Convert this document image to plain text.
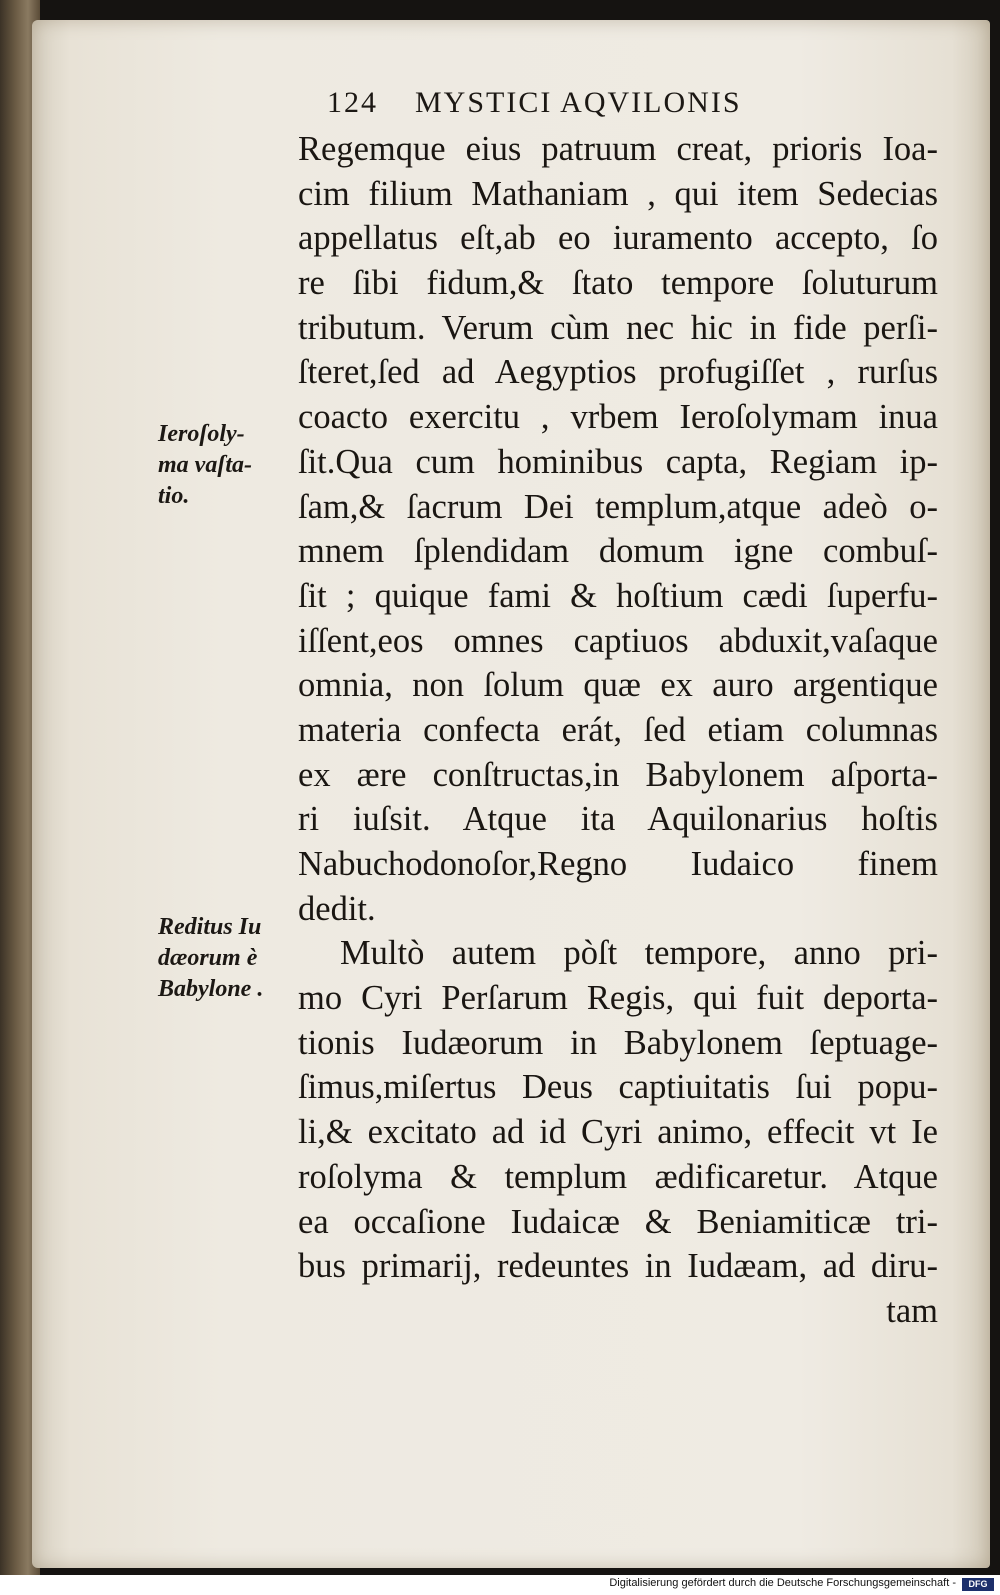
124 MYSTICI AQVILONIS
Regemque eius patruum creat, prioris Ioa-
cim filium Mathaniam , qui item Sedecias
appellatus eſt,ab eo iuramento accepto, ſo
re ſibi fidum,& ſtato tempore ſoluturum
tributum. Verum cùm nec hic in fide perſi-
ſteret,ſed ad Aegyptios profugiſſet , rurſus
coacto exercitu , vrbem Ieroſolymam inua
ſit.Qua cum hominibus capta, Regiam ip-
ſam,& ſacrum Dei templum,atque adeò o-
mnem ſplendidam domum igne combuſ-
ſit ; quique fami & hoſtium cædi ſuperfu-
iſſent,eos omnes captiuos abduxit,vaſaque
omnia, non ſolum quæ ex auro argentique
materia confecta erát, ſed etiam columnas
ex ære conſtructas,in Babylonem aſporta-
ri iuſsit. Atque ita Aquilonarius hoſtis
Nabuchodonoſor,Regno Iudaico finem
dedit.
Multò autem pòſt tempore, anno pri-
mo Cyri Perſarum Regis, qui fuit deporta-
tionis Iudæorum in Babylonem ſeptuage-
ſimus,miſertus Deus captiuitatis ſui popu-
li,& excitato ad id Cyri animo, effecit vt Ie
roſolyma & templum ædificaretur. Atque
ea occaſione Iudaicæ & Beniamiticæ tri-
bus primarij, redeuntes in Iudæam, ad diru-
tam
Ieroſoly-
ma vaſta-
tio.
Reditus Iu
dæorum è
Babylone .
Digitalisierung gefördert durch die Deutsche Forschungsgemeinschaft -	DFG
